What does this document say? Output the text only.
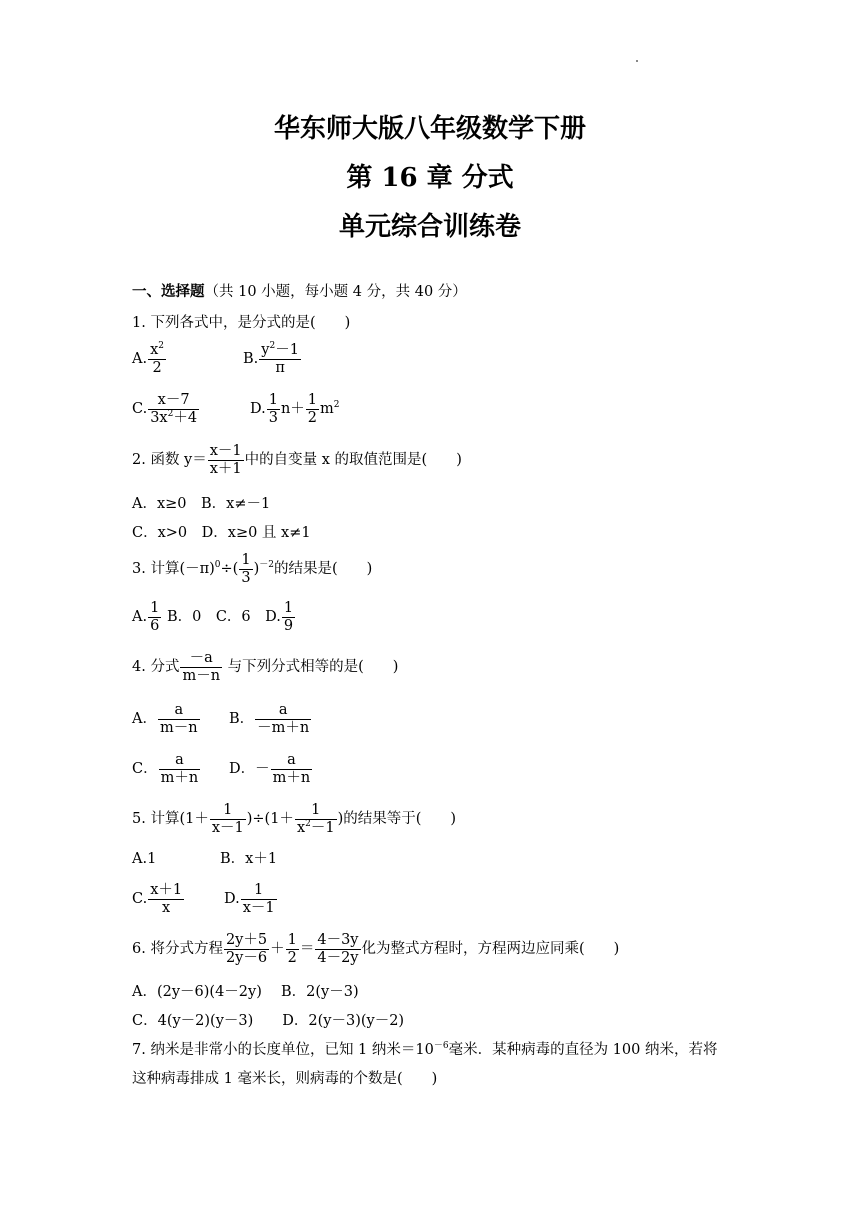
华东师大版八年级数学下册
第 16 章 分式
单元综合训练卷
一、选择题（共 10 小题，每小题 4 分，共 40 分）
1. 下列各式中，是分式的是(　　)
A. $\frac{x^2}{2}$	B. $\frac{y^2-1}{\pi}$
C. $\frac{x-7}{3x^2+4}$	D. $\frac{1}{3} n+ \frac{1}{2} m^2$
2. 函数 $y= \frac{x-1}{x+1}$ 中的自变量 x 的取值范围是(　　)
A．x≥0　B．x≠－1
C．x>0　D．x≥0 且 x≠1
3. 计算$(-\pi)^0\div( \frac{1}{3} )^{-2}$的结果是(　　)
A. $\frac{1}{6}$ B．0　C．6　D. $\frac{1}{9}$
4. 分式 $\frac{-a}{m-n}$ 与下列分式相等的是(　　)
A． $\frac{a}{m-n}$ B． $\frac{a}{-m+n}$
C． $\frac{a}{m+n}$ D．－ $\frac{a}{m+n}$
5. 计算$(1+ \frac{1}{x-1} )\div(1+ \frac{1}{x^2-1}$ )的结果等于(　　)
A.1	B．x＋1
C. $\frac{x+1}{x}$	D. $\frac{1}{x-1}$
6. 将分式方程 $\frac{2y+5}{2y-6} + \frac{1}{2} = \frac{4-3y}{4-2y}$ 化为整式方程时，方程两边应同乘(　　)
A．(2y－6)(4－2y)　 B．2(y－3)
C．4(y－2)(y－3)　　D．2(y－3)(y－2)
7. 纳米是非常小的长度单位，已知 1 纳米$=10^{-6}$毫米．某种病毒的直径为 100 纳米，若将
这种病毒排成 1 毫米长，则病毒的个数是(　　)
